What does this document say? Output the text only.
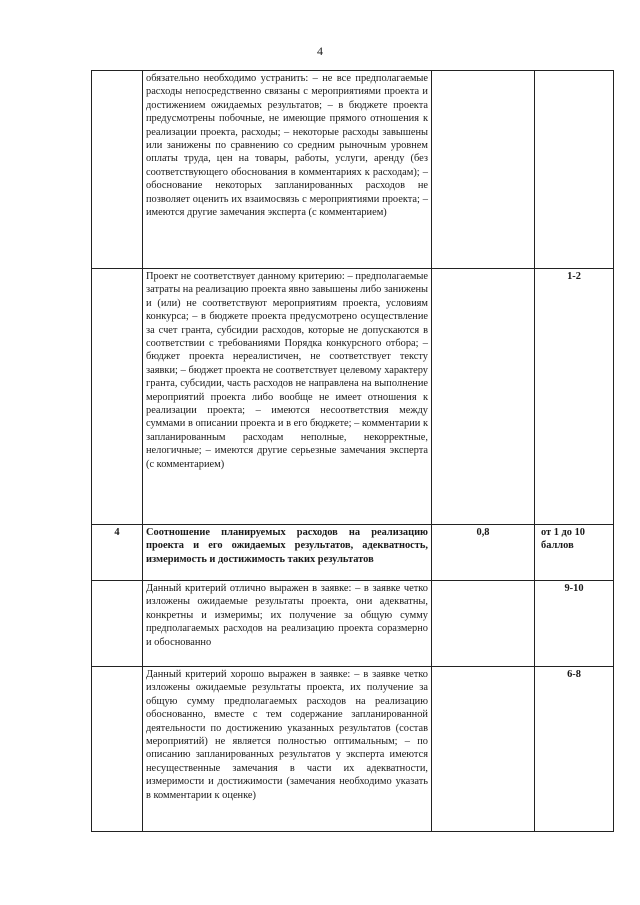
4
	обязательно необходимо устранить: – не все предполагаемые расходы непосредственно связаны с мероприятиями проекта и достижением ожидаемых результатов; – в бюджете проекта предусмотрены побочные, не имеющие прямого отношения к реализации проекта, расходы; – некоторые расходы завышены или занижены по сравнению со средним рыночным уровнем оплаты труда, цен на товары, работы, услуги, аренду (без соответствующего обоснования в комментариях к расходам); – обоснование некоторых запланированных расходов не позволяет оценить их взаимосвязь с мероприятиями проекта; – имеются другие замечания эксперта (с комментарием)		
	Проект не соответствует данному критерию: – предполагаемые затраты на реализацию проекта явно завышены либо занижены и (или) не соответствуют мероприятиям проекта, условиям конкурса; – в бюджете проекта предусмотрено осуществление за счет гранта, субсидии расходов, которые не допускаются в соответствии с требованиями Порядка конкурсного отбора; – бюджет проекта нереалистичен, не соответствует тексту заявки; – бюджет проекта не соответствует целевому характеру гранта, субсидии, часть расходов не направлена на выполнение мероприятий проекта либо вообще не имеет отношения к реализации проекта; – имеются несоответствия между суммами в описании проекта и в его бюджете; – комментарии к запланированным расходам неполные, некорректные, нелогичные; – имеются другие серьезные замечания эксперта (с комментарием)		1-2
4	Соотношение планируемых расходов на реализацию проекта и его ожидаемых результатов, адекватность, измеримость и достижимость таких результатов	0,8	от 1 до 10 баллов
	Данный критерий отлично выражен в заявке: – в заявке четко изложены ожидаемые результаты проекта, они адекватны, конкретны и измеримы; их получение за общую сумму предполагаемых расходов на реализацию проекта соразмерно и обоснованно		9-10
	Данный критерий хорошо выражен в заявке: – в заявке четко изложены ожидаемые результаты проекта, их получение за общую сумму предполагаемых расходов на реализацию обоснованно, вместе с тем содержание запланированной деятельности по достижению указанных результатов (состав мероприятий) не является полностью оптимальным; – по описанию запланированных результатов у эксперта имеются несущественные замечания в части их адекватности, измеримости и достижимости (замечания необходимо указать в комментарии к оценке)		6-8
